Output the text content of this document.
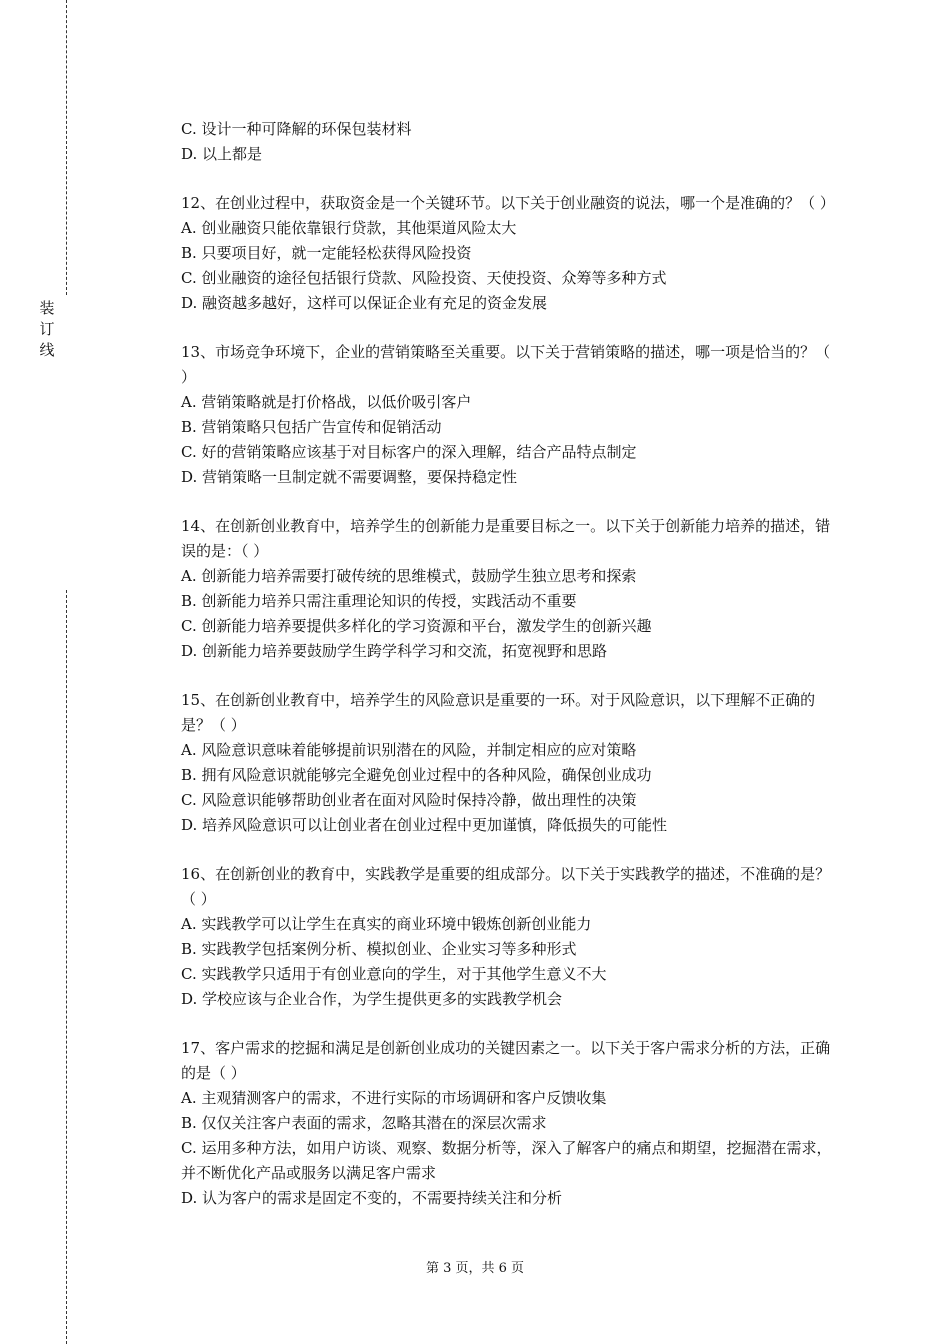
装
订
线
C. 设计一种可降解的环保包装材料
D. 以上都是
12、在创业过程中，获取资金是一个关键环节。以下关于创业融资的说法，哪一个是准确的？（ ）
A. 创业融资只能依靠银行贷款，其他渠道风险太大
B. 只要项目好，就一定能轻松获得风险投资
C. 创业融资的途径包括银行贷款、风险投资、天使投资、众筹等多种方式
D. 融资越多越好，这样可以保证企业有充足的资金发展
13、市场竞争环境下，企业的营销策略至关重要。以下关于营销策略的描述，哪一项是恰当的？（ ）
A. 营销策略就是打价格战，以低价吸引客户
B. 营销策略只包括广告宣传和促销活动
C. 好的营销策略应该基于对目标客户的深入理解，结合产品特点制定
D. 营销策略一旦制定就不需要调整，要保持稳定性
14、在创新创业教育中，培养学生的创新能力是重要目标之一。以下关于创新能力培养的描述，错误的是：（ ）
A. 创新能力培养需要打破传统的思维模式，鼓励学生独立思考和探索
B. 创新能力培养只需注重理论知识的传授，实践活动不重要
C. 创新能力培养要提供多样化的学习资源和平台，激发学生的创新兴趣
D. 创新能力培养要鼓励学生跨学科学习和交流，拓宽视野和思路
15、在创新创业教育中，培养学生的风险意识是重要的一环。对于风险意识，以下理解不正确的是？（ ）
A. 风险意识意味着能够提前识别潜在的风险，并制定相应的应对策略
B. 拥有风险意识就能够完全避免创业过程中的各种风险，确保创业成功
C. 风险意识能够帮助创业者在面对风险时保持冷静，做出理性的决策
D. 培养风险意识可以让创业者在创业过程中更加谨慎，降低损失的可能性
16、在创新创业的教育中，实践教学是重要的组成部分。以下关于实践教学的描述，不准确的是？（ ）
A. 实践教学可以让学生在真实的商业环境中锻炼创新创业能力
B. 实践教学包括案例分析、模拟创业、企业实习等多种形式
C. 实践教学只适用于有创业意向的学生，对于其他学生意义不大
D. 学校应该与企业合作，为学生提供更多的实践教学机会
17、客户需求的挖掘和满足是创新创业成功的关键因素之一。以下关于客户需求分析的方法，正确的是（ ）
A. 主观猜测客户的需求，不进行实际的市场调研和客户反馈收集
B. 仅仅关注客户表面的需求，忽略其潜在的深层次需求
C. 运用多种方法，如用户访谈、观察、数据分析等，深入了解客户的痛点和期望，挖掘潜在需求，并不断优化产品或服务以满足客户需求
D. 认为客户的需求是固定不变的，不需要持续关注和分析
第 3 页，共 6 页
